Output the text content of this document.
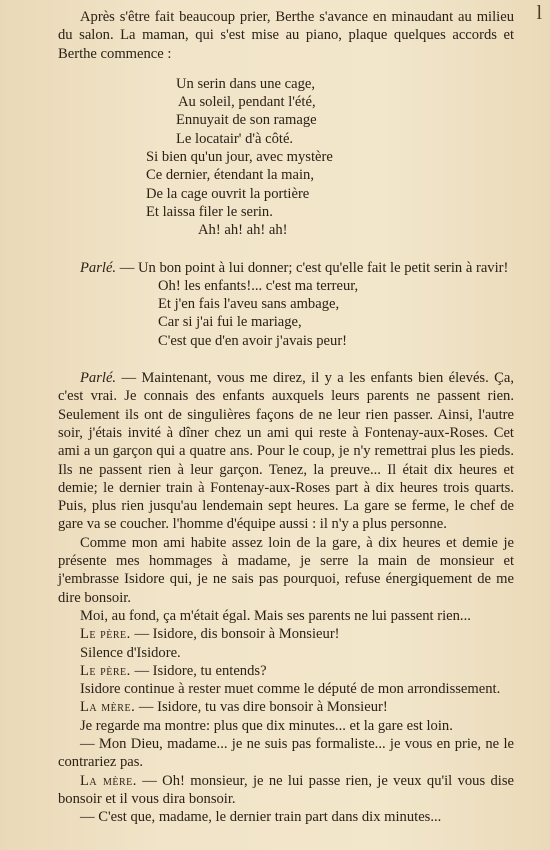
l

Après s'être fait beaucoup prier, Berthe s'avance en minaudant au milieu du salon. La maman, qui s'est mise au piano, plaque quelques accords et Berthe commence :

Un serin dans une cage,
Au soleil, pendant l'été,
Ennuyait de son ramage
Le locatair' d'à côté.
Si bien qu'un jour, avec mystère
Ce dernier, étendant la main,
De la cage ouvrit la portière
Et laissa filer le serin.
Ah! ah! ah! ah!

Parlé. — Un bon point à lui donner; c'est qu'elle fait le petit serin à ravir!

Oh! les enfants!... c'est ma terreur,
Et j'en fais l'aveu sans ambage,
Car si j'ai fui le mariage,
C'est que d'en avoir j'avais peur!

Parlé. — Maintenant, vous me direz, il y a les enfants bien élevés. Ça, c'est vrai. Je connais des enfants auxquels leurs parents ne passent rien. Seulement ils ont de singulières façons de ne leur rien passer. Ainsi, l'autre soir, j'étais invité à dîner chez un ami qui reste à Fontenay-aux-Roses. Cet ami a un garçon qui a quatre ans. Pour le coup, je n'y remettrai plus les pieds. Ils ne passent rien à leur garçon. Tenez, la preuve... Il était dix heures et demie; le dernier train à Fontenay-aux-Roses part à dix heures trois quarts. Puis, plus rien jusqu'au lendemain sept heures. La gare se ferme, le chef de gare va se coucher. l'homme d'équipe aussi : il n'y a plus personne.

Comme mon ami habite assez loin de la gare, à dix heures et demie je présente mes hommages à madame, je serre la main de monsieur et j'embrasse Isidore qui, je ne sais pas pourquoi, refuse énergiquement de me dire bonsoir.

Moi, au fond, ça m'était égal. Mais ses parents ne lui passent rien...

Le père. — Isidore, dis bonsoir à Monsieur!

Silence d'Isidore.

Le père. — Isidore, tu entends?

Isidore continue à rester muet comme le député de mon arrondissement.

La mère. — Isidore, tu vas dire bonsoir à Monsieur!

Je regarde ma montre: plus que dix minutes... et la gare est loin.

— Mon Dieu, madame... je ne suis pas formaliste... je vous en prie, ne le contrariez pas.

La mère. — Oh! monsieur, je ne lui passe rien, je veux qu'il vous dise bonsoir et il vous dira bonsoir.

— C'est que, madame, le dernier train part dans dix minutes...
